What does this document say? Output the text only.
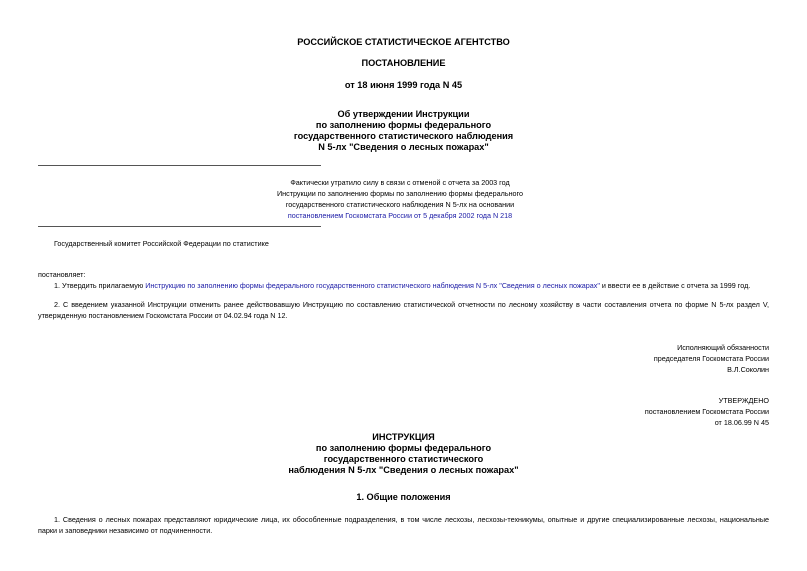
РОССИЙСКОЕ СТАТИСТИЧЕСКОЕ АГЕНТСТВО
ПОСТАНОВЛЕНИЕ
от 18 июня 1999 года N 45
Об утверждении Инструкции
по заполнению формы федерального
государственного статистического наблюдения
N 5-лх "Сведения о лесных пожарах"
Фактически утратило силу в связи с отменой с отчета за 2003 год
Инструкции по заполнению формы по заполнению формы федерального
государственного статистического наблюдения N 5-лх на основании
постановлением Госкомстата России от 5 декабря 2002 года N 218
Государственный комитет Российской Федерации по статистике
постановляет:
1. Утвердить прилагаемую Инструкцию по заполнению формы федерального государственного статистического наблюдения N 5-лх "Сведения о лесных пожарах" и ввести ее в действие с отчета за 1999 год.
2. С введением указанной Инструкции отменить ранее действовавшую Инструкцию по составлению статистической отчетности по лесному хозяйству в части составления отчета по форме N 5-лх раздел V, утвержденную постановлением Госкомстата России от 04.02.94 года N 12.
Исполняющий обязанности
председателя Госкомстата России
В.Л.Соколин
УТВЕРЖДЕНО
постановлением Госкомстата России
от 18.06.99 N 45
ИНСТРУКЦИЯ
по заполнению формы федерального
государственного статистического
наблюдения N 5-лх "Сведения о лесных пожарах"
1. Общие положения
1. Сведения о лесных пожарах представляют юридические лица, их обособленные подразделения, в том числе лесхозы, лесхозы-техникумы, опытные и другие специализированные лесхозы, национальные парки и заповедники независимо от подчиненности.
